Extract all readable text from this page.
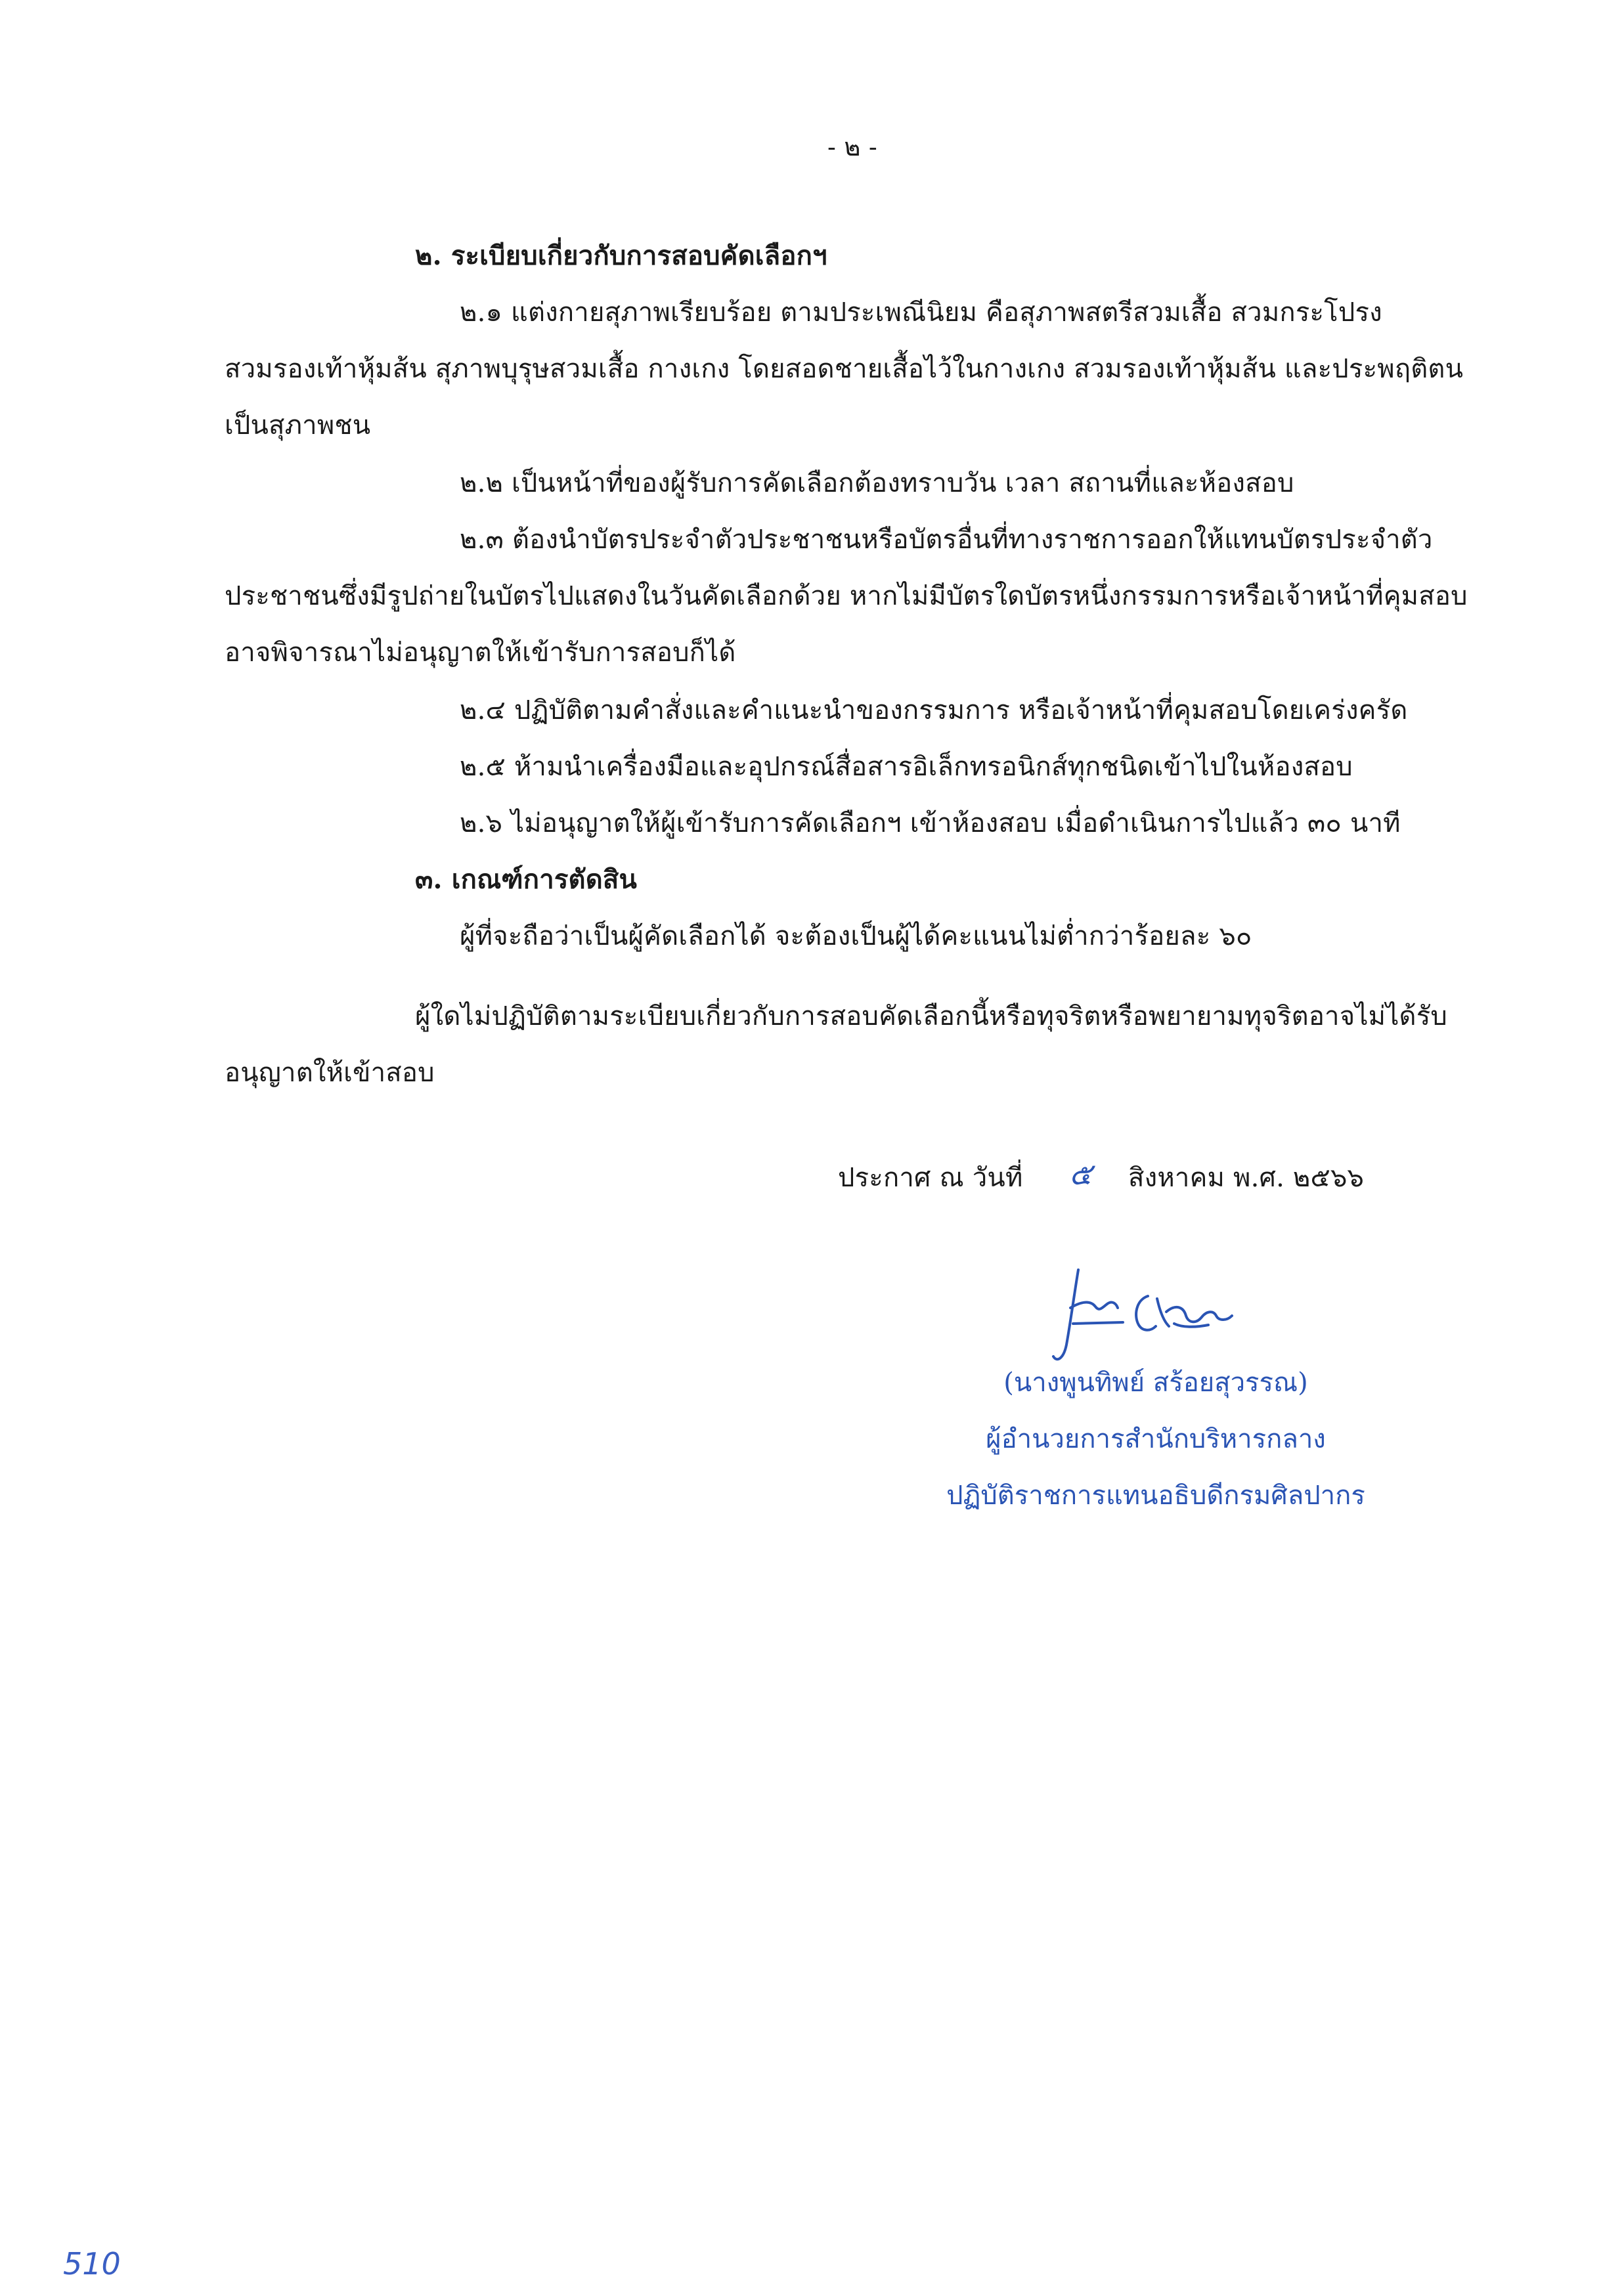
- ๒ -
๒. ระเบียบเกี่ยวกับการสอบคัดเลือกฯ
๒.๑ แต่งกายสุภาพเรียบร้อย ตามประเพณีนิยม คือสุภาพสตรีสวมเสื้อ สวมกระโปรง
สวมรองเท้าหุ้มส้น สุภาพบุรุษสวมเสื้อ กางเกง โดยสอดชายเสื้อไว้ในกางเกง สวมรองเท้าหุ้มส้น และประพฤติตน
เป็นสุภาพชน
๒.๒ เป็นหน้าที่ของผู้รับการคัดเลือกต้องทราบวัน เวลา สถานที่และห้องสอบ
๒.๓ ต้องนำบัตรประจำตัวประชาชนหรือบัตรอื่นที่ทางราชการออกให้แทนบัตรประจำตัว
ประชาชนซึ่งมีรูปถ่ายในบัตรไปแสดงในวันคัดเลือกด้วย หากไม่มีบัตรใดบัตรหนึ่งกรรมการหรือเจ้าหน้าที่คุมสอบ
อาจพิจารณาไม่อนุญาตให้เข้ารับการสอบก็ได้
๒.๔ ปฏิบัติตามคำสั่งและคำแนะนำของกรรมการ หรือเจ้าหน้าที่คุมสอบโดยเคร่งครัด
๒.๕ ห้ามนำเครื่องมือและอุปกรณ์สื่อสารอิเล็กทรอนิกส์ทุกชนิดเข้าไปในห้องสอบ
๒.๖ ไม่อนุญาตให้ผู้เข้ารับการคัดเลือกฯ เข้าห้องสอบ เมื่อดำเนินการไปแล้ว ๓๐ นาที
๓. เกณฑ์การตัดสิน
ผู้ที่จะถือว่าเป็นผู้คัดเลือกได้ จะต้องเป็นผู้ได้คะแนนไม่ต่ำกว่าร้อยละ ๖๐
ผู้ใดไม่ปฏิบัติตามระเบียบเกี่ยวกับการสอบคัดเลือกนี้หรือทุจริตหรือพยายามทุจริตอาจไม่ได้รับ
อนุญาตให้เข้าสอบ
ประกาศ ณ วันที่ ๕ สิงหาคม พ.ศ. ๒๕๖๖
(นางพูนทิพย์ สร้อยสุวรรณ)
ผู้อำนวยการสำนักบริหารกลาง
ปฏิบัติราชการแทนอธิบดีกรมศิลปากร
510
